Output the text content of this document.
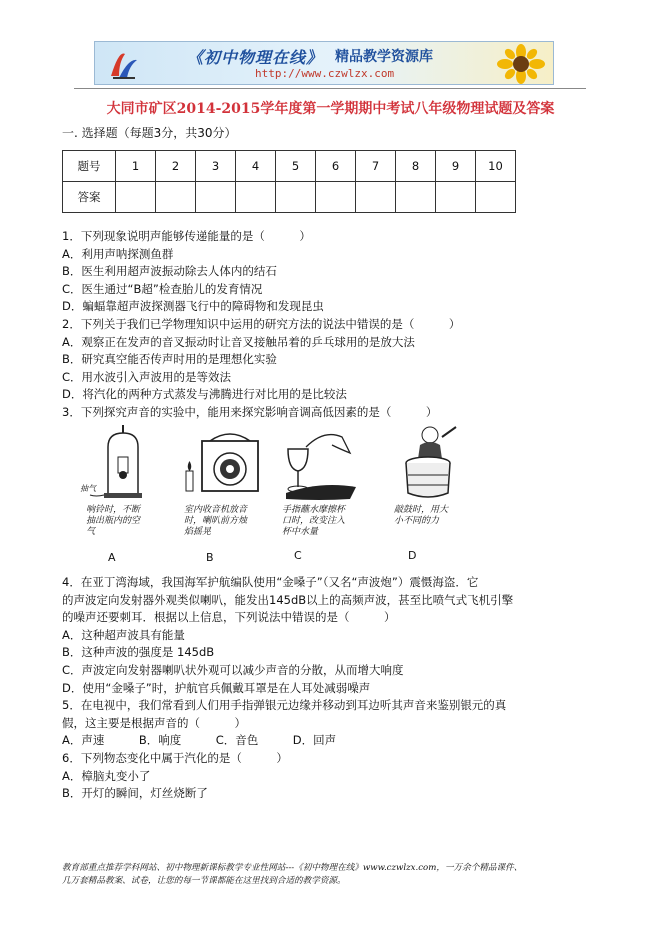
《初中物理在线》 精品教学资源库
http://www.czwlzx.com
大同市矿区2014-2015学年度第一学期期中考试八年级物理试题及答案
一. 选择题（每题3分，共30分）
题号	1	2	3	4	5	6	7	8	9	10
答案										
1．下列现象说明声能够传递能量的是（　　　）
A．利用声呐探测鱼群
B．医生利用超声波振动除去人体内的结石
C．医生通过“B超”检查胎儿的发育情况
D．蝙蝠靠超声波探测器飞行中的障碍物和发现昆虫
2．下列关于我们已学物理知识中运用的研究方法的说法中错误的是（　　　）
A．观察正在发声的音叉振动时让音叉接触吊着的乒乓球用的是放大法
B．研究真空能否传声时用的是理想化实验
C．用水波引入声波用的是等效法
D．将汽化的两种方式蒸发与沸腾进行对比用的是比较法
3．下列探究声音的实验中，能用来探究影响音调高低因素的是（　　　）
抽气
响铃时，不断
抽出瓶内的空
气
A
室内收音机放音
时，喇叭前方烛
焰摇晃
B
手指蘸水摩擦杯
口时，改变注入
杯中水量
C
敲鼓时，用大
小不同的力
D
4．在亚丁湾海域，我国海军护航编队使用“金嗓子”（又名“声波炮”）震慑海盗．它
的声波定向发射器外观类似喇叭，能发出145dB以上的高频声波，甚至比喷气式飞机引擎
的噪声还要刺耳．根据以上信息，下列说法中错误的是（　　　）
A．这种超声波具有能量
B．这种声波的强度是 145dB
C．声波定向发射器喇叭状外观可以减少声音的分散，从而增大响度
D．使用“金嗓子”时，护航官兵佩戴耳罩是在人耳处减弱噪声
5．在电视中，我们常看到人们用手指弹银元边缘并移动到耳边听其声音来鉴别银元的真
假，这主要是根据声音的（　　　）
A．声速　　　B．响度　　　C．音色　　　D．回声
6．下列物态变化中属于汽化的是（　　　）
A．樟脑丸变小了
B．开灯的瞬间，灯丝烧断了
教育部重点推荐学科网站、初中物理新课标教学专业性网站---《初中物理在线》www.czwlzx.com，一万余个精品课件、
几万套精品教案、试卷，让您的每一节课都能在这里找到合适的教学资源。
